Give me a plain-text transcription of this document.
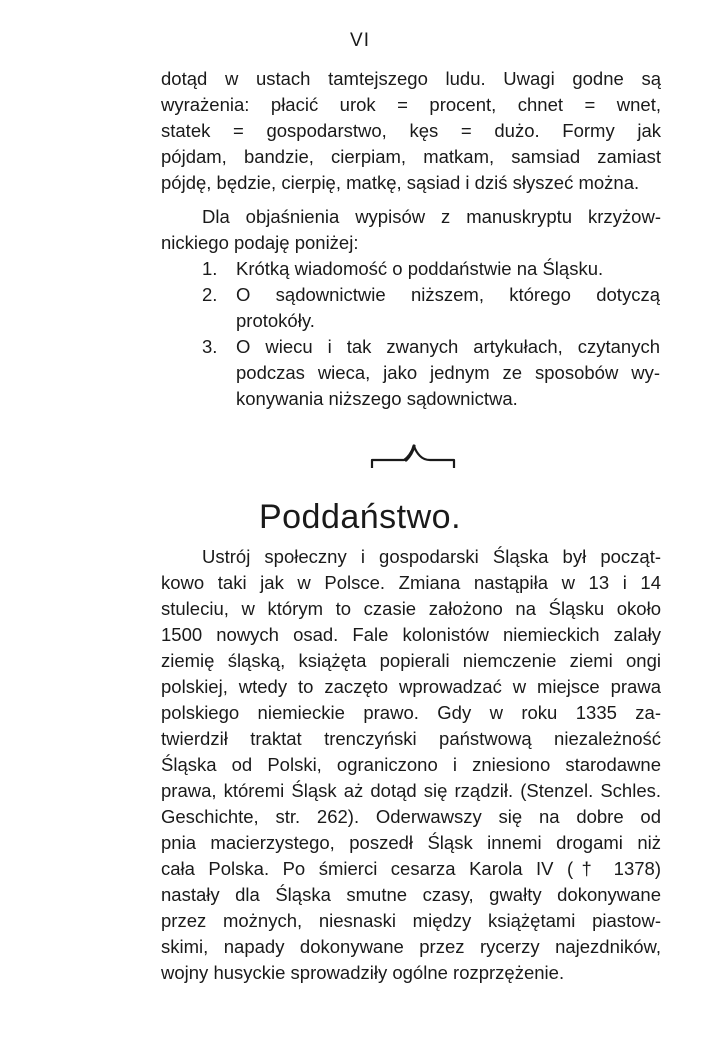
VI

dotąd w ustach tamtejszego ludu. Uwagi godne są
wyrażenia: płacić urok = procent, chnet = wnet,
statek = gospodarstwo, kęs = dużo. Formy jak
pójdam, bandzie, cierpiam, matkam, samsiad zamiast
pójdę, będzie, cierpię, matkę, sąsiad i dziś słyszeć można.

Dla objaśnienia wypisów z manuskryptu krzyżow-
nickiego podaję poniżej:

1.	Krótką wiadomość o poddaństwie na Śląsku.
2.	O sądownictwie niższem, którego dotyczą
protokóły.
3.	O wiecu i tak zwanych artykułach, czytanych
podczas wieca, jako jednym ze sposobów wy-
konywania niższego sądownictwa.
Poddaństwo.

Ustrój społeczny i gospodarski Śląska był począt-
kowo taki jak w Polsce. Zmiana nastąpiła w 13 i 14
stuleciu, w którym to czasie założono na Śląsku około
1500 nowych osad. Fale kolonistów niemieckich zalały
ziemię śląską, książęta popierali niemczenie ziemi ongi
polskiej, wtedy to zaczęto wprowadzać w miejsce prawa
polskiego niemieckie prawo. Gdy w roku 1335 za-
twierdził traktat trenczyński państwową niezależność
Śląska od Polski, ograniczono i zniesiono starodawne
prawa, któremi Śląsk aż dotąd się rządził. (Stenzel. Schles.
Geschichte, str. 262). Oderwawszy się na dobre od
pnia macierzystego, poszedł Śląsk innemi drogami niż
cała Polska. Po śmierci cesarza Karola IV († 1378)
nastały dla Śląska smutne czasy, gwałty dokonywane
przez możnych, niesnaski między książętami piastow-
skimi, napady dokonywane przez rycerzy najezdników,
wojny husyckie sprowadziły ogólne rozprzężenie.
